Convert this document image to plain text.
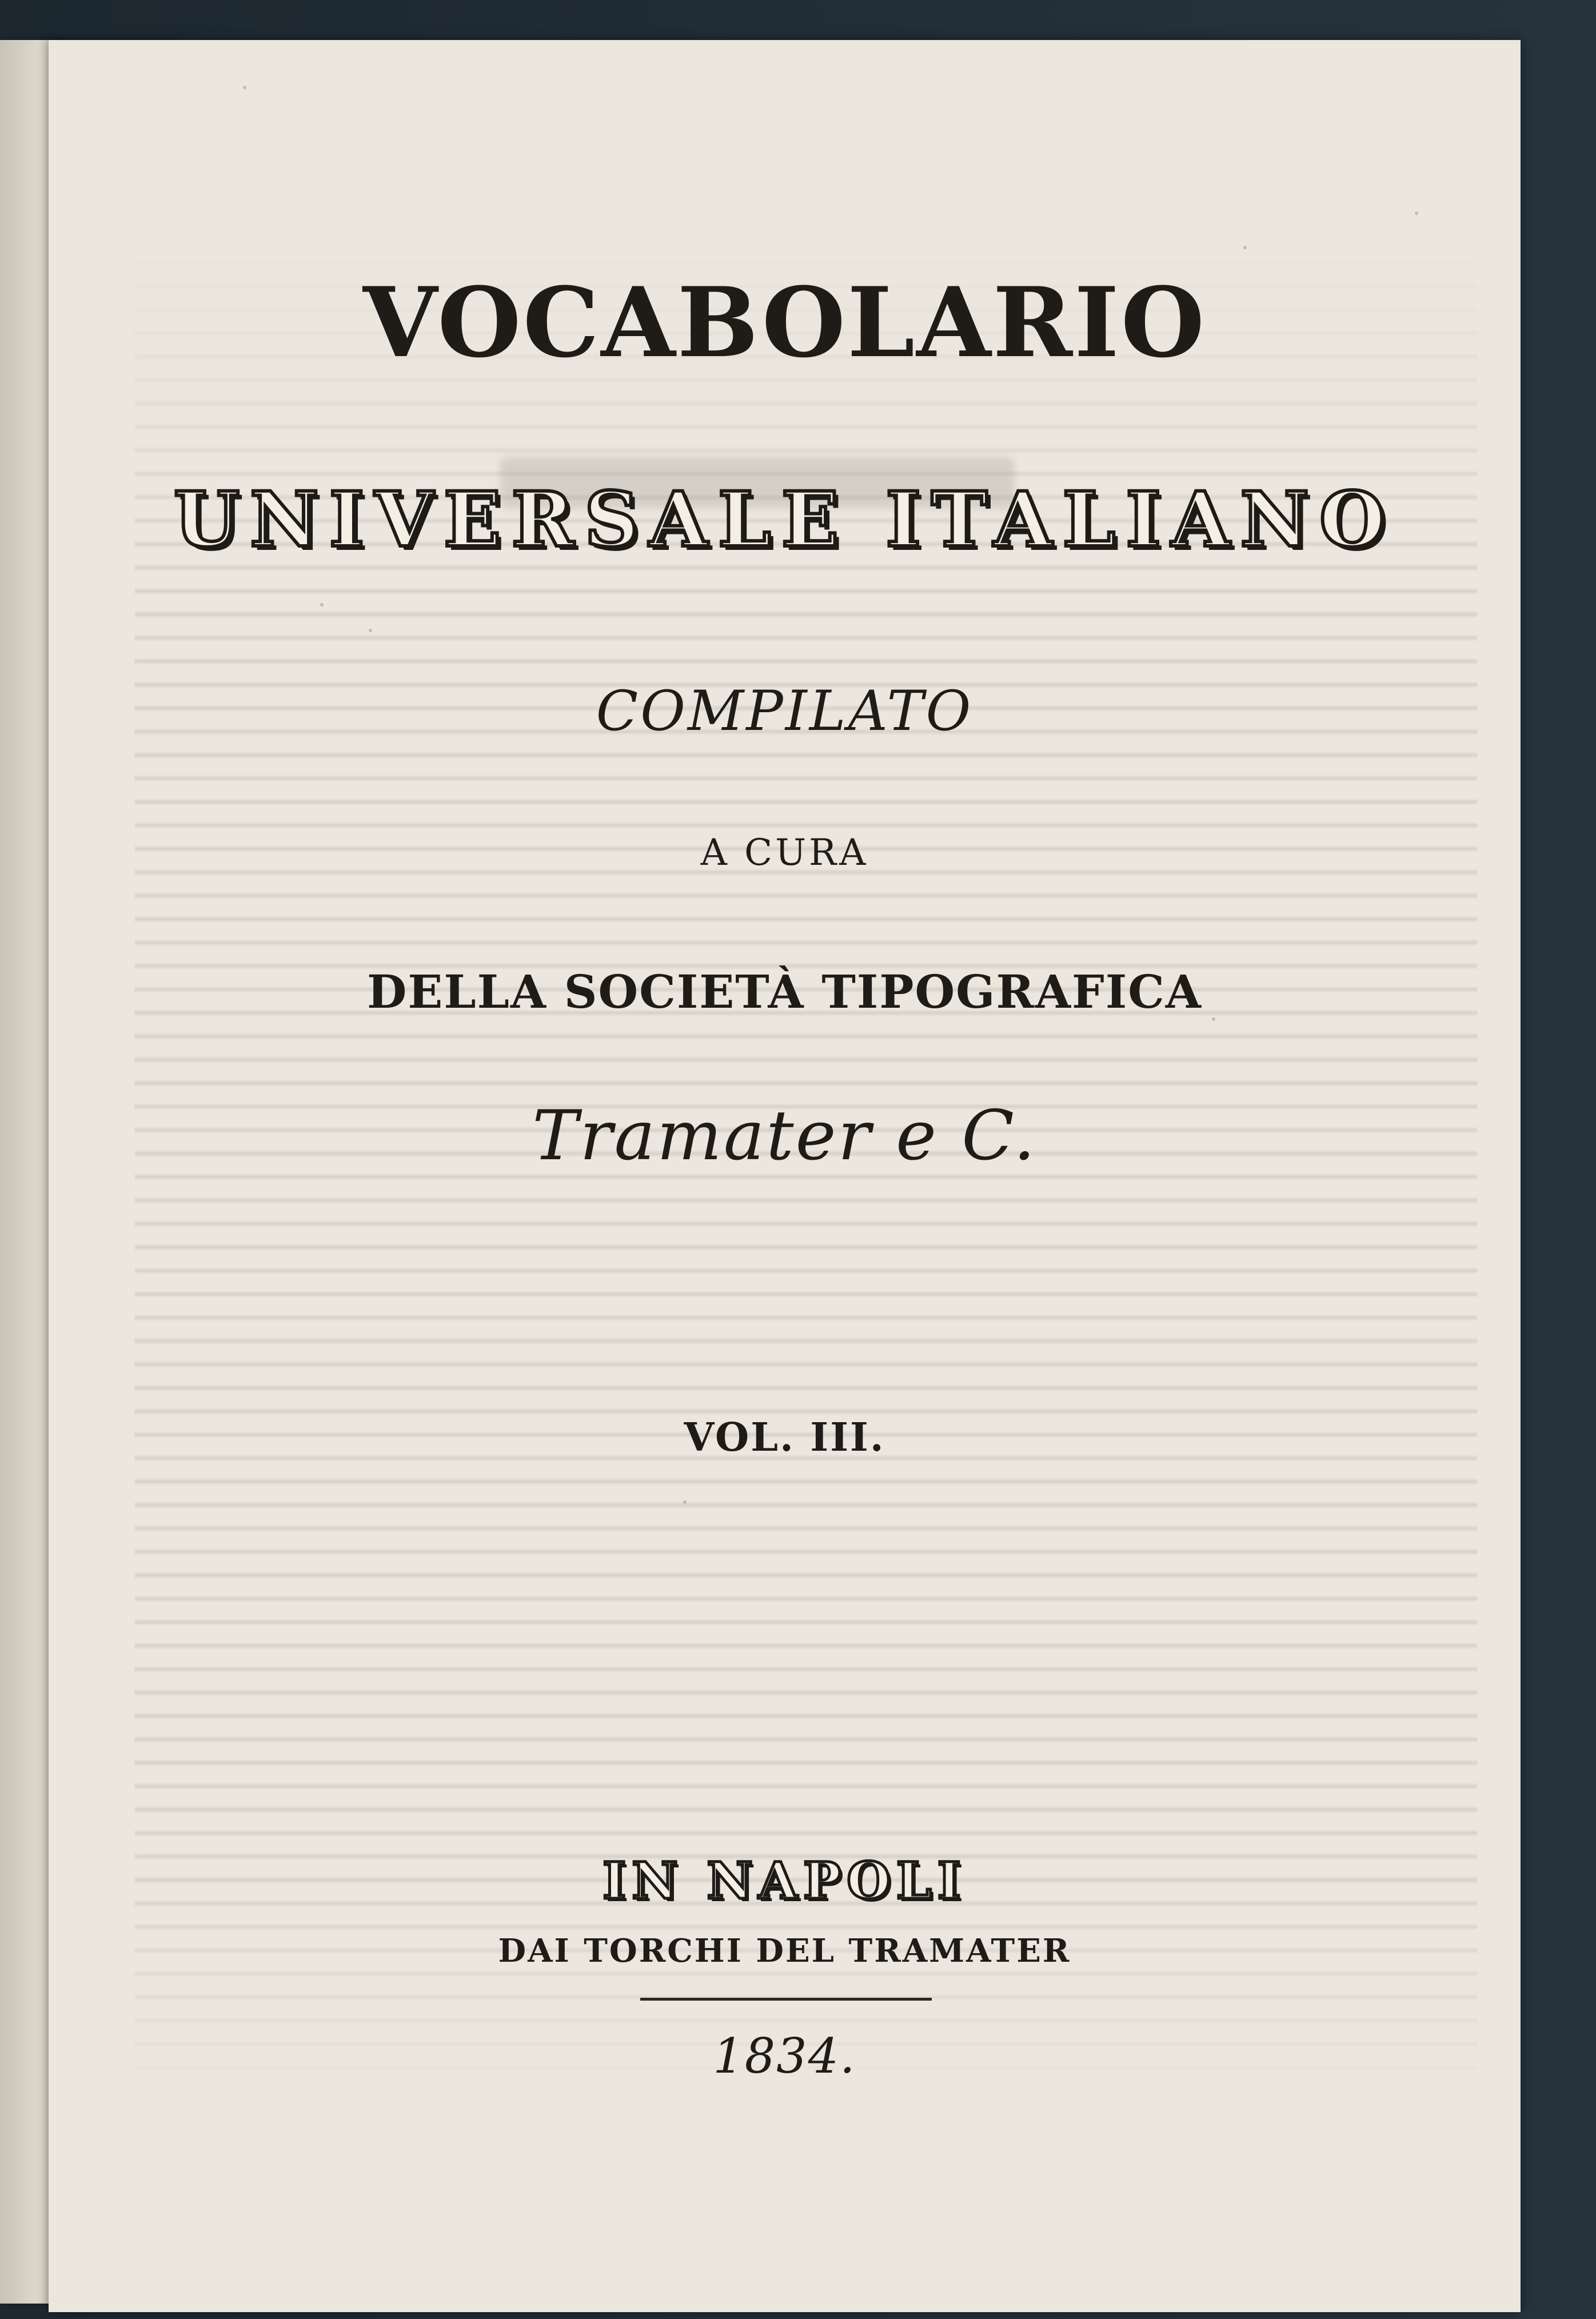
VOCABOLARIO
UNIVERSALE ITALIANO
COMPILATO
A CURA
DELLA SOCIETÀ TIPOGRAFICA
Tramater e C.
VOL. III.
IN NAPOLI
DAI TORCHI DEL TRAMATER
1834.
